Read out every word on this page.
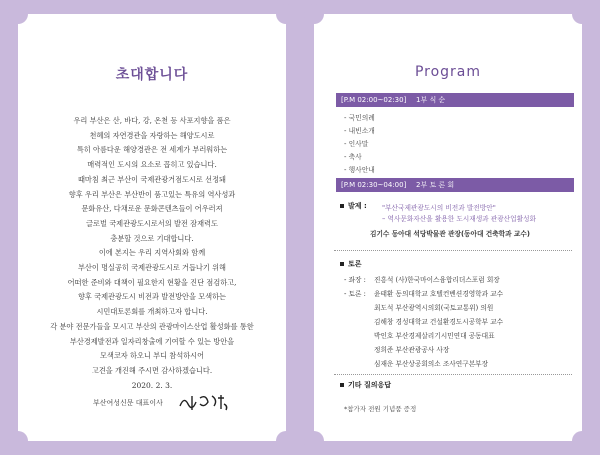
초대합니다
우리 부산은 산, 바다, 강, 온천 등 사포지향을 품은
천혜의 자연경관을 자랑하는 해양도시로
특히 아름다운 해양경관은 전 세계가 부러워하는
매력적인 도시의 요소로 꼽히고 있습니다.
때마침 최근 부산이 국제관광거점도시로 선정돼
향후 우리 부산은 부산반이 품고있는 특유의 역사성과
문화유산, 다채로운 문화콘텐츠들이 어우러져
글로벌 국제관광도시로서의 발전 잠재력도
충분할 것으로 기대합니다.
이에 본지는 우리 지역사회와 함께
부산이 명실공히 국제관광도시로 거듭나기 위해
어떠한 준비와 대책이 필요한지 현황을 진단 점검하고,
향후 국제관광도시 비전과 발전방안을 모색하는
시민대토론회를 개최하고자 합니다.
각 분야 전문가들을 모시고 부산의 관광마이스산업 활성화를 통한
부산경제발전과 일자리창출에 기여할 수 있는 방안을
모색코자 하오니 부디 참석하시어
고견을 개진해 주시면 감사하겠습니다.
2020. 2. 3.
부산여성신문 대표이사
Program
[P.M 02:00~02:30] 1부 식 순
- 국민의례
- 내빈소개
- 인사말
- 축사
- 행사안내
[P.M 02:30~04:00] 2부 토 론 회
발제 : "부산국제관광도시의 비전과 발전방안"
– 역사문화자산을 활용한 도시재생과 관광산업활성화
김기수 동아대 석당박물관 관장(동아대 건축학과 교수)
토론
- 좌장 : 진흥석 (사)한국마이스융합리더스포럼 회장
- 토론 : 윤태환 동의대학교 호텔컨벤션경영학과 교수
최도석 부산광역시의회(국토교통위) 의원
김해창 경성대학교 건설환경도시공학부 교수
박인호 부산경제살리기시민연대 공동대표
정희준 부산관광공사 사장
심재운 부산상공회의소 조사연구본부장
기타 질의응답
*참가자 전원 기념품 증정
